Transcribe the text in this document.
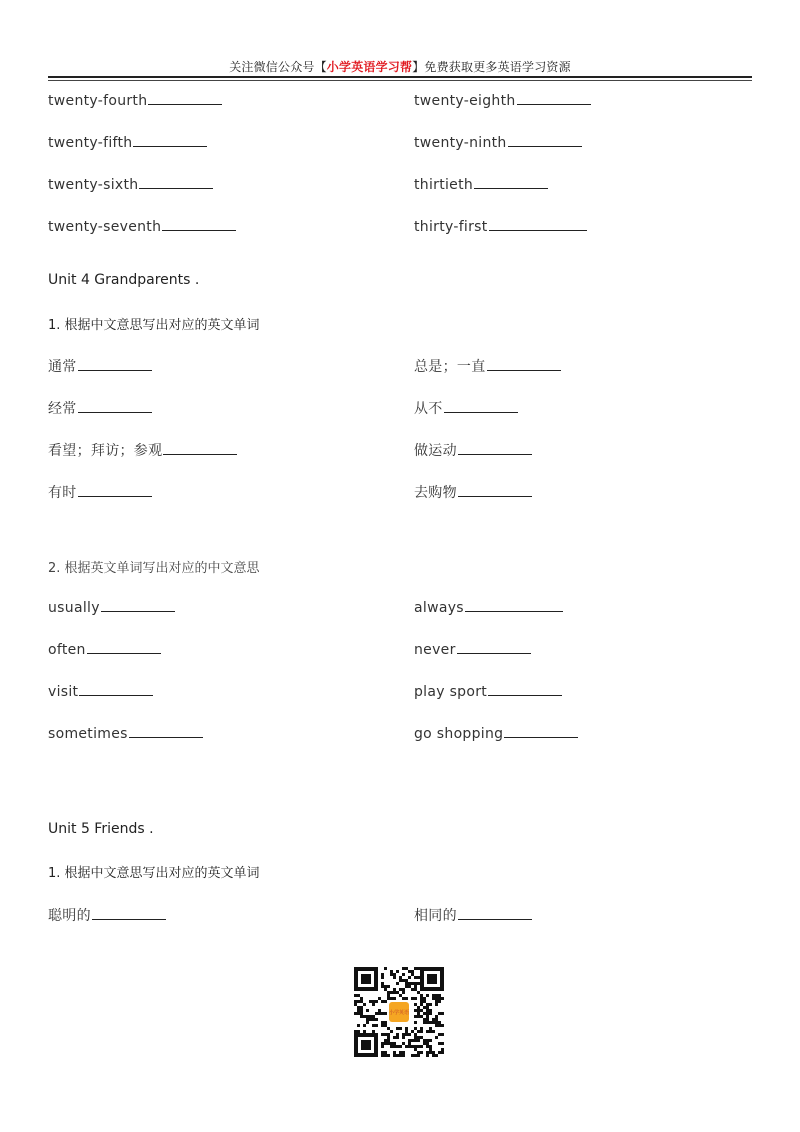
关注微信公众号【小学英语学习帮】免费获取更多英语学习资源
twenty-fourth	twenty-eighth
twenty-fifth	twenty-ninth
twenty-sixth	thirtieth
twenty-seventh	thirty-first
Unit 4 Grandparents .
1. 根据中文意思写出对应的英文单词
通常	总是；一直
经常	从不
看望；拜访；参观	做运动
有时	去购物
2. 根据英文单词写出对应的中文意思
usually	always
often	never
visit	play sport
sometimes	go shopping
Unit 5 Friends .
1. 根据中文意思写出对应的英文单词
聪明的	相同的
小学英语
